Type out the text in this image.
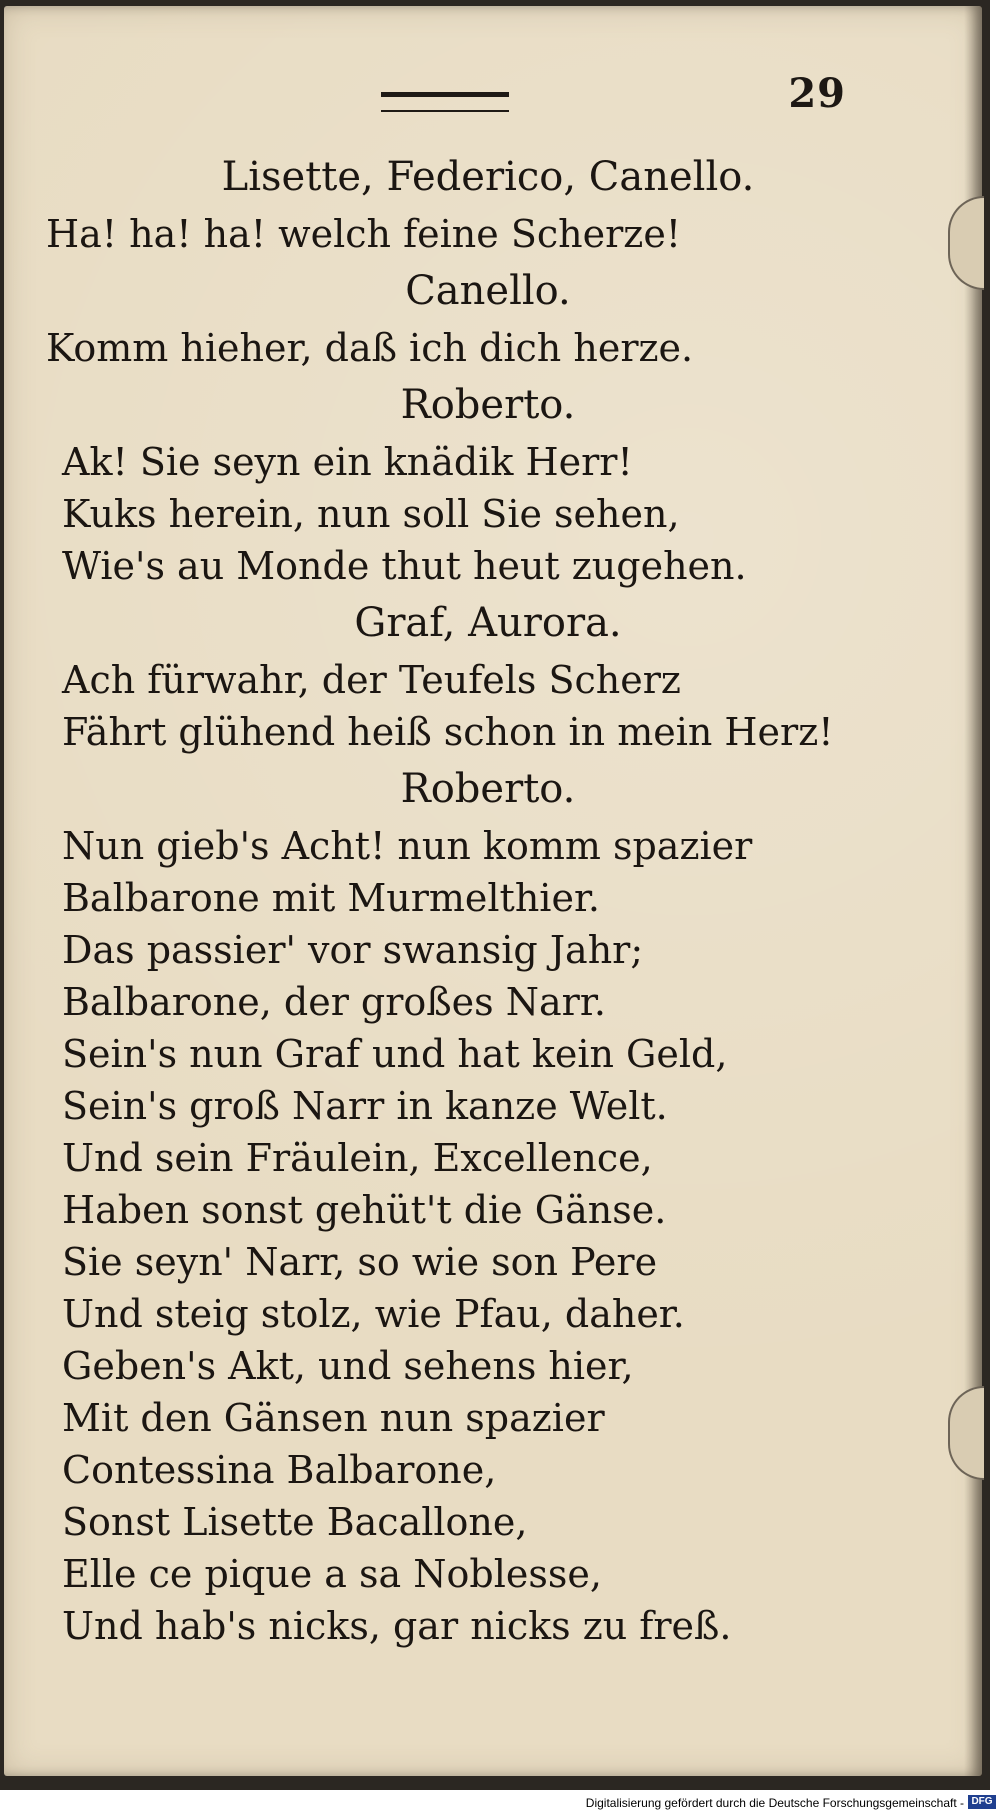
29
Lisette, Federico, Canello.
Ha! ha! ha! welch feine Scherze!
Canello.
Komm hieher, daß ich dich herze.
Roberto.
Ak! Sie seyn ein knädik Herr!
Kuks herein, nun soll Sie sehen,
Wie's au Monde thut heut zugehen.
Graf, Aurora.
Ach fürwahr, der Teufels Scherz
Fährt glühend heiß schon in mein Herz!
Roberto.
Nun gieb's Acht! nun komm spazier
Balbarone mit Murmelthier.
Das passier' vor swansig Jahr;
Balbarone, der großes Narr.
Sein's nun Graf und hat kein Geld,
Sein's groß Narr in kanze Welt.
Und sein Fräulein, Excellence,
Haben sonst gehüt't die Gänse.
Sie seyn' Narr, so wie son Pere
Und steig stolz, wie Pfau, daher.
Geben's Akt, und sehens hier,
Mit den Gänsen nun spazier
Contessina Balbarone,
Sonst Lisette Bacallone,
Elle ce pique a sa Noblesse,
Und hab's nicks, gar nicks zu freß.
Digitalisierung gefördert durch die Deutsche Forschungsgemeinschaft - DFG
